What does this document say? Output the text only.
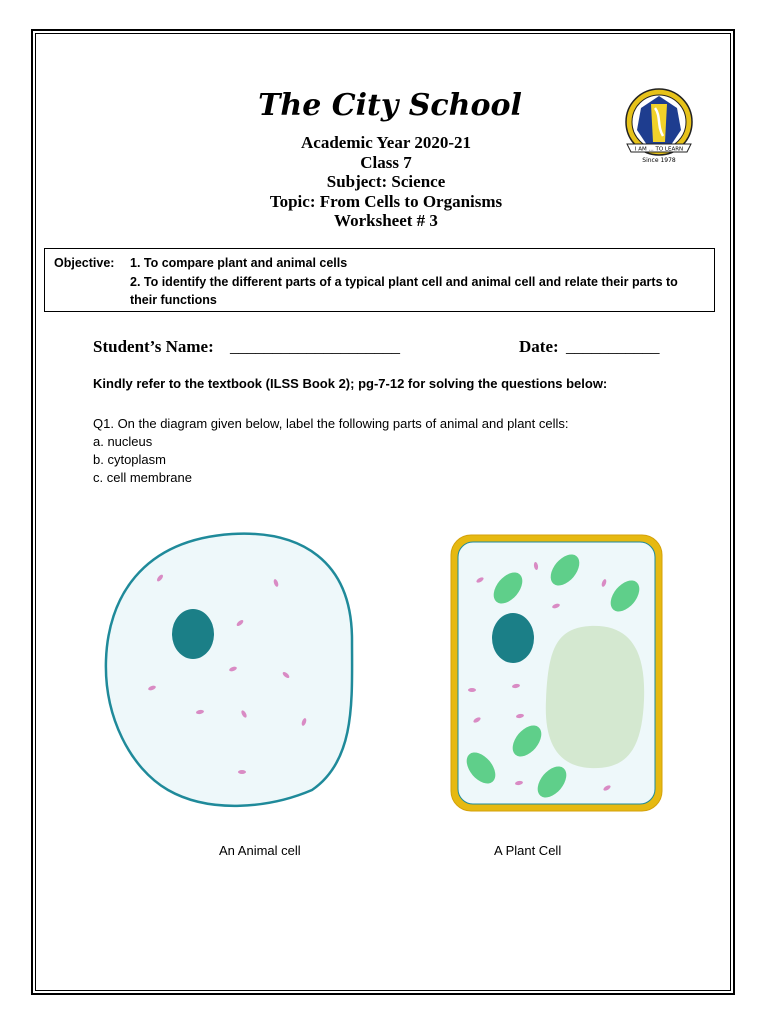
The City School
Academic Year 2020-21
Class 7
Subject: Science
Topic: From Cells to Organisms
Worksheet # 3
I AM ... TO LEARN
Since 1978
Objective: 1. To compare plant and animal cells
2. To identify the different parts of a typical plant cell and animal cell and relate their parts to their functions
Student’s Name: ____________________	Date: ___________
Kindly refer to the textbook (ILSS Book 2); pg-7-12 for solving the questions below:
Q1. On the diagram given below, label the following parts of animal and plant cells:
a. nucleus
b. cytoplasm
c. cell membrane
An Animal cell	A Plant Cell
